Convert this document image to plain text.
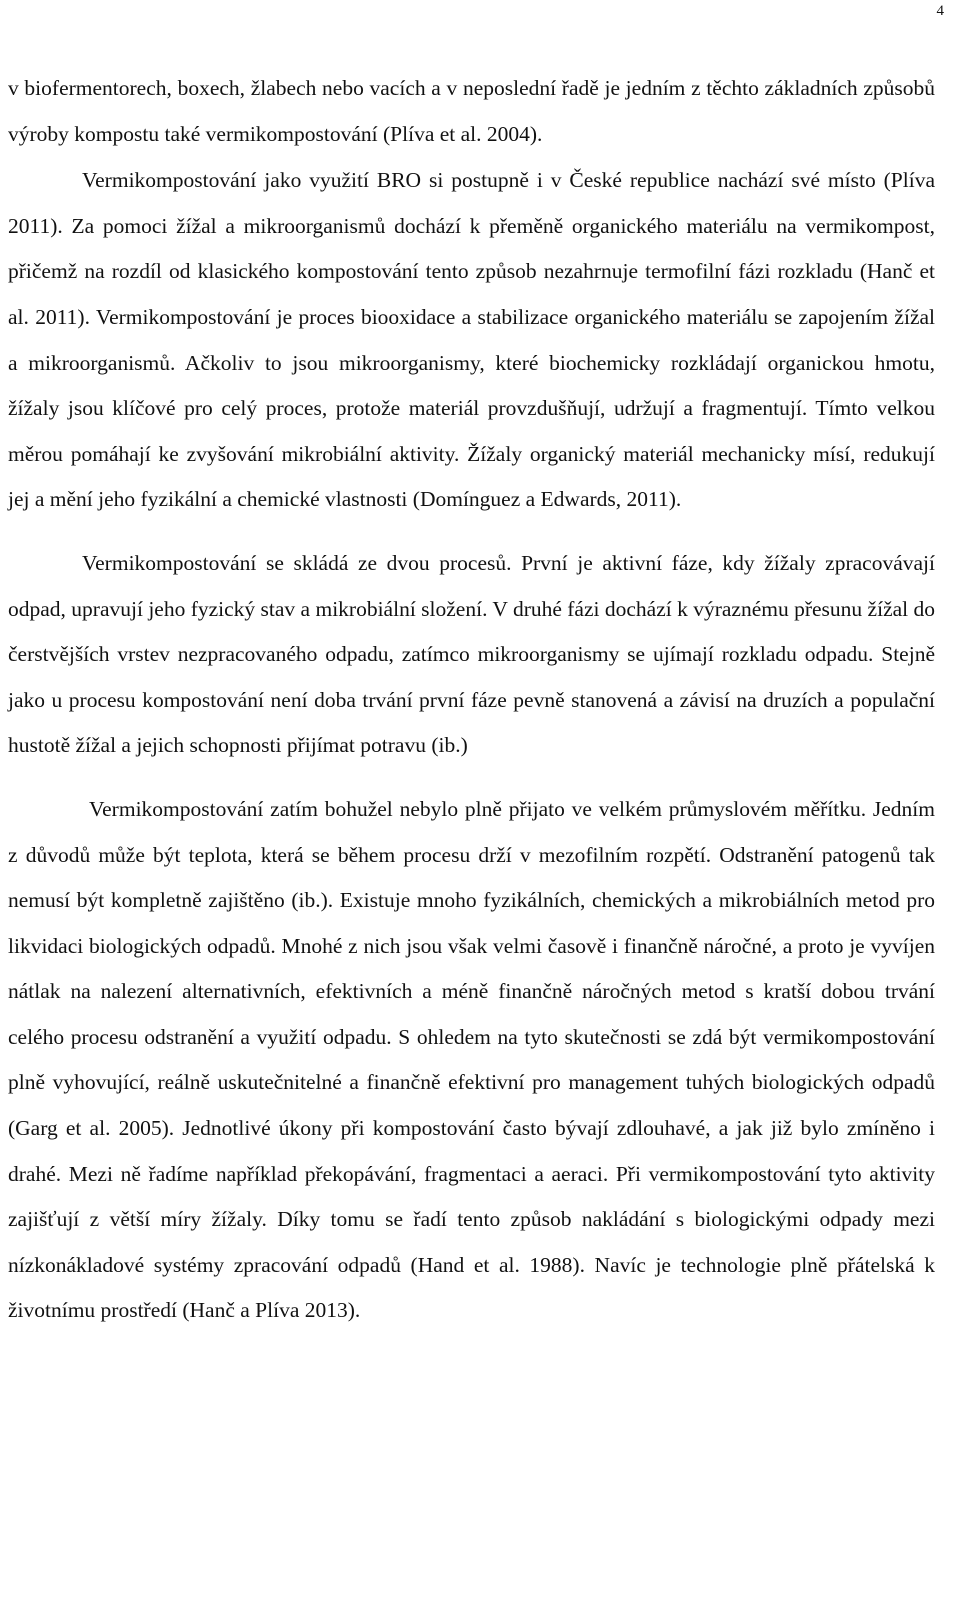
4

v biofermentorech, boxech, žlabech nebo vacích a v neposlední řadě je jedním z těchto základních způsobů výroby kompostu také vermikompostování (Plíva et al. 2004).

Vermikompostování jako využití BRO si postupně i v České republice nachází své místo (Plíva 2011). Za pomoci žížal a mikroorganismů dochází k přeměně organického materiálu na vermikompost, přičemž na rozdíl od klasického kompostování tento způsob nezahrnuje termofilní fázi rozkladu (Hanč et al. 2011). Vermikompostování je proces biooxidace a stabilizace organického materiálu se zapojením žížal a mikroorganismů. Ačkoliv to jsou mikroorganismy, které biochemicky rozkládají organickou hmotu, žížaly jsou klíčové pro celý proces, protože materiál provzdušňují, udržují a fragmentují. Tímto velkou měrou pomáhají ke zvyšování mikrobiální aktivity. Žížaly organický materiál mechanicky mísí, redukují jej a mění jeho fyzikální a chemické vlastnosti (Domínguez a Edwards, 2011).

Vermikompostování se skládá ze dvou procesů. První je aktivní fáze, kdy žížaly zpracovávají odpad, upravují jeho fyzický stav a mikrobiální složení. V druhé fázi dochází k výraznému přesunu žížal do čerstvějších vrstev nezpracovaného odpadu, zatímco mikroorganismy se ujímají rozkladu odpadu. Stejně jako u procesu kompostování není doba trvání první fáze pevně stanovená a závisí na druzích a populační hustotě žížal a jejich schopnosti přijímat potravu (ib.)

Vermikompostování zatím bohužel nebylo plně přijato ve velkém průmyslovém měřítku. Jedním z důvodů může být teplota, která se během procesu drží v mezofilním rozpětí. Odstranění patogenů tak nemusí být kompletně zajištěno (ib.). Existuje mnoho fyzikálních, chemických a mikrobiálních metod pro likvidaci biologických odpadů. Mnohé z nich jsou však velmi časově i finančně náročné, a proto je vyvíjen nátlak na nalezení alternativních, efektivních a méně finančně náročných metod s kratší dobou trvání celého procesu odstranění a využití odpadu. S ohledem na tyto skutečnosti se zdá být vermikompostování plně vyhovující, reálně uskutečnitelné a finančně efektivní pro management tuhých biologických odpadů (Garg et al. 2005). Jednotlivé úkony při kompostování často bývají zdlouhavé, a jak již bylo zmíněno i drahé. Mezi ně řadíme například překopávání, fragmentaci a aeraci. Při vermikompostování tyto aktivity zajišťují z větší míry žížaly. Díky tomu se řadí tento způsob nakládání s biologickými odpady mezi nízkonákladové systémy zpracování odpadů (Hand et al. 1988). Navíc je technologie plně přátelská k životnímu prostředí (Hanč a Plíva 2013).
